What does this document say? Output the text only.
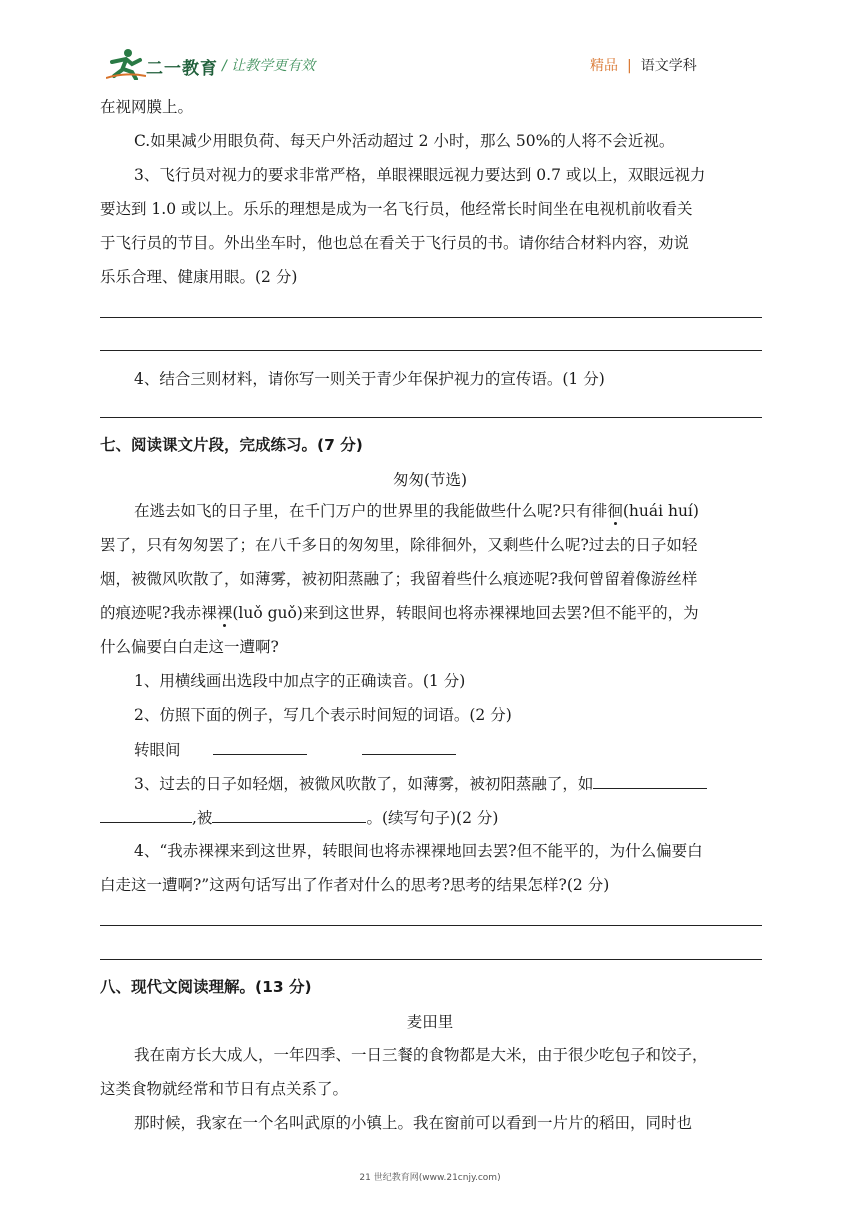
二一教育 / 让教学更有效	精品 | 语文学科
在视网膜上。
C.如果减少用眼负荷、每天户外活动超过 2 小时，那么 50%的人将不会近视。
3、飞行员对视力的要求非常严格，单眼裸眼远视力要达到 0.7 或以上，双眼远视力
要达到 1.0 或以上。乐乐的理想是成为一名飞行员，他经常长时间坐在电视机前收看关
于飞行员的节目。外出坐车时，他也总在看关于飞行员的书。请你结合材料内容，劝说
乐乐合理、健康用眼。(2 分)
4、结合三则材料，请你写一则关于青少年保护视力的宣传语。(1 分)
七、阅读课文片段，完成练习。(7 分)
匆匆(节选)
在逃去如飞的日子里，在千门万户的世界里的我能做些什么呢?只有徘徊(huái huí)
罢了，只有匆匆罢了；在八千多日的匆匆里，除徘徊外，又剩些什么呢?过去的日子如轻
烟，被微风吹散了，如薄雾，被初阳蒸融了；我留着些什么痕迹呢?我何曾留着像游丝样
的痕迹呢?我赤裸裸(luǒ guǒ)来到这世界，转眼间也将赤裸裸地回去罢?但不能平的，为
什么偏要白白走这一遭啊?
1、用横线画出选段中加点字的正确读音。(1 分)
2、仿照下面的例子，写几个表示时间短的词语。(2 分)
转眼间
3、过去的日子如轻烟，被微风吹散了，如薄雾，被初阳蒸融了，如
,被	。(续写句子)(2 分)
4、“我赤裸裸来到这世界，转眼间也将赤裸裸地回去罢?但不能平的，为什么偏要白
白走这一遭啊?”这两句话写出了作者对什么的思考?思考的结果怎样?(2 分)
八、现代文阅读理解。(13 分)
麦田里
我在南方长大成人，一年四季、一日三餐的食物都是大米，由于很少吃包子和饺子，
这类食物就经常和节日有点关系了。
那时候，我家在一个名叫武原的小镇上。我在窗前可以看到一片片的稻田，同时也
21 世纪教育网(www.21cnjy.com)
